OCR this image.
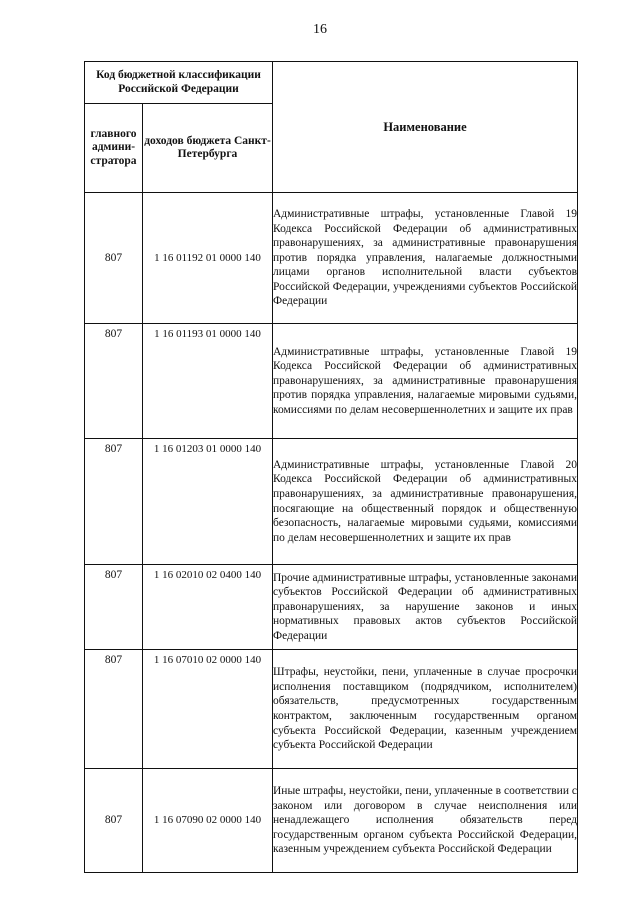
16
Код бюджетной классификации Российской Федерации		Наименование
главного админи-стратора	доходов бюджета Санкт-Петербурга	
807	1 16 01192 01 0000 140	Административные штрафы, установленные Главой 19 Кодекса Российской Федерации об административных правонарушениях, за административные правонарушения против порядка управления, налагаемые должностными лицами органов исполнительной власти субъектов Российской Федерации, учреждениями субъектов Российской Федерации
807	1 16 01193 01 0000 140	Административные штрафы, установленные Главой 19 Кодекса Российской Федерации об административных правонарушениях, за административные правонарушения против порядка управления, налагаемые мировыми судьями, комиссиями по делам несовершеннолетних и защите их прав
807	1 16 01203 01 0000 140	Административные штрафы, установленные Главой 20 Кодекса Российской Федерации об административных правонарушениях, за административные правонарушения, посягающие на общественный порядок и общественную безопасность, налагаемые мировыми судьями, комиссиями по делам несовершеннолетних и защите их прав
807	1 16 02010 02 0400 140	Прочие административные штрафы, установленные законами субъектов Российской Федерации об административных правонарушениях, за нарушение законов и иных нормативных правовых актов субъектов Российской Федерации
807	1 16 07010 02 0000 140	Штрафы, неустойки, пени, уплаченные в случае просрочки исполнения поставщиком (подрядчиком, исполнителем) обязательств, предусмотренных государственным контрактом, заключенным государственным органом субъекта Российской Федерации, казенным учреждением субъекта Российской Федерации
807	1 16 07090 02 0000 140	Иные штрафы, неустойки, пени, уплаченные в соответствии с законом или договором в случае неисполнения или ненадлежащего исполнения обязательств перед государственным органом субъекта Российской Федерации, казенным учреждением субъекта Российской Федерации
